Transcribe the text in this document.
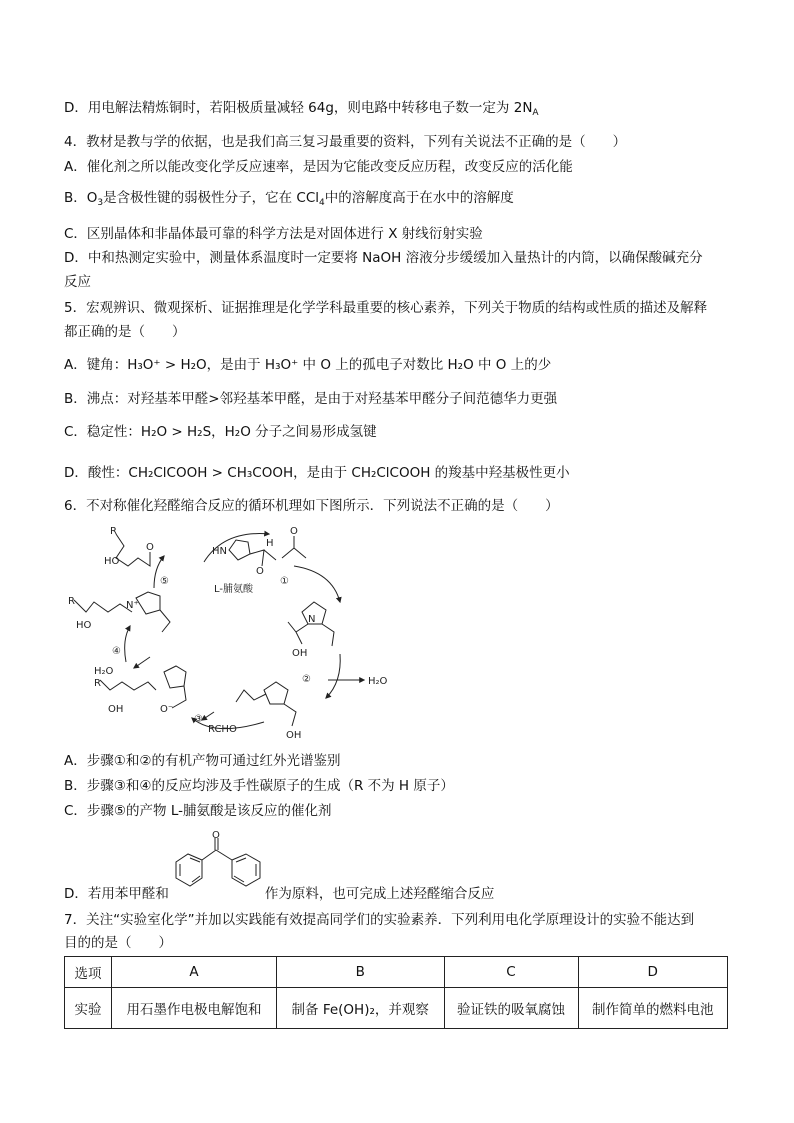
D．用电解法精炼铜时，若阳极质量减轻 64g，则电路中转移电子数一定为 $2N_A$
4．教材是教与学的依据，也是我们高三复习最重要的资料，下列有关说法不正确的是（　　）
A．催化剂之所以能改变化学反应速率，是因为它能改变反应历程，改变反应的活化能
B．$O_3$是含极性键的弱极性分子，它在 CCl$_4$中的溶解度高于在水中的溶解度
C．区别晶体和非晶体最可靠的科学方法是对固体进行 X 射线衍射实验
D．中和热测定实验中，测量体系温度时一定要将 NaOH 溶液分步缓缓加入量热计的内筒，以确保酸碱充分
反应
5．宏观辨识、微观探析、证据推理是化学学科最重要的核心素养，下列关于物质的结构或性质的描述及解释
都正确的是（　　）
A．键角：H₃O⁺ > H₂O，是由于 H₃O⁺ 中 O 上的孤电子对数比 H₂O 中 O 上的少
B．沸点：对羟基苯甲醛>邻羟基苯甲醛，是由于对羟基苯甲醛分子间范德华力更强
C．稳定性：H₂O > H₂S，H₂O 分子之间易形成氢键
D．酸性：CH₂ClCOOH > CH₃COOH，是由于 CH₂ClCOOH 的羧基中羟基极性更小
6．不对称催化羟醛缩合反应的循环机理如下图所示．下列说法不正确的是（　　）
R
HO
O	HN
H
O
L-脯氨酸
O
R
HO
N⁺
N
OH
H₂O
H₂O
R
OH	O⁻
RCHO
OH
⑤	①
②
③
④
A．步骤①和②的有机产物可通过红外光谱鉴别
B．步骤③和④的反应均涉及手性碳原子的生成（R 不为 H 原子）
C．步骤⑤的产物 L-脯氨酸是该反应的催化剂
O
D．若用苯甲醛和	作为原料，也可完成上述羟醛缩合反应
7．关注“实验室化学”并加以实践能有效提高同学们的实验素养．下列利用电化学原理设计的实验不能达到
目的的是（　　）
选项	A	B	C	D
实验	用石墨作电极电解饱和	制备 Fe(OH)₂，并观察	验证铁的吸氧腐蚀	制作简单的燃料电池
